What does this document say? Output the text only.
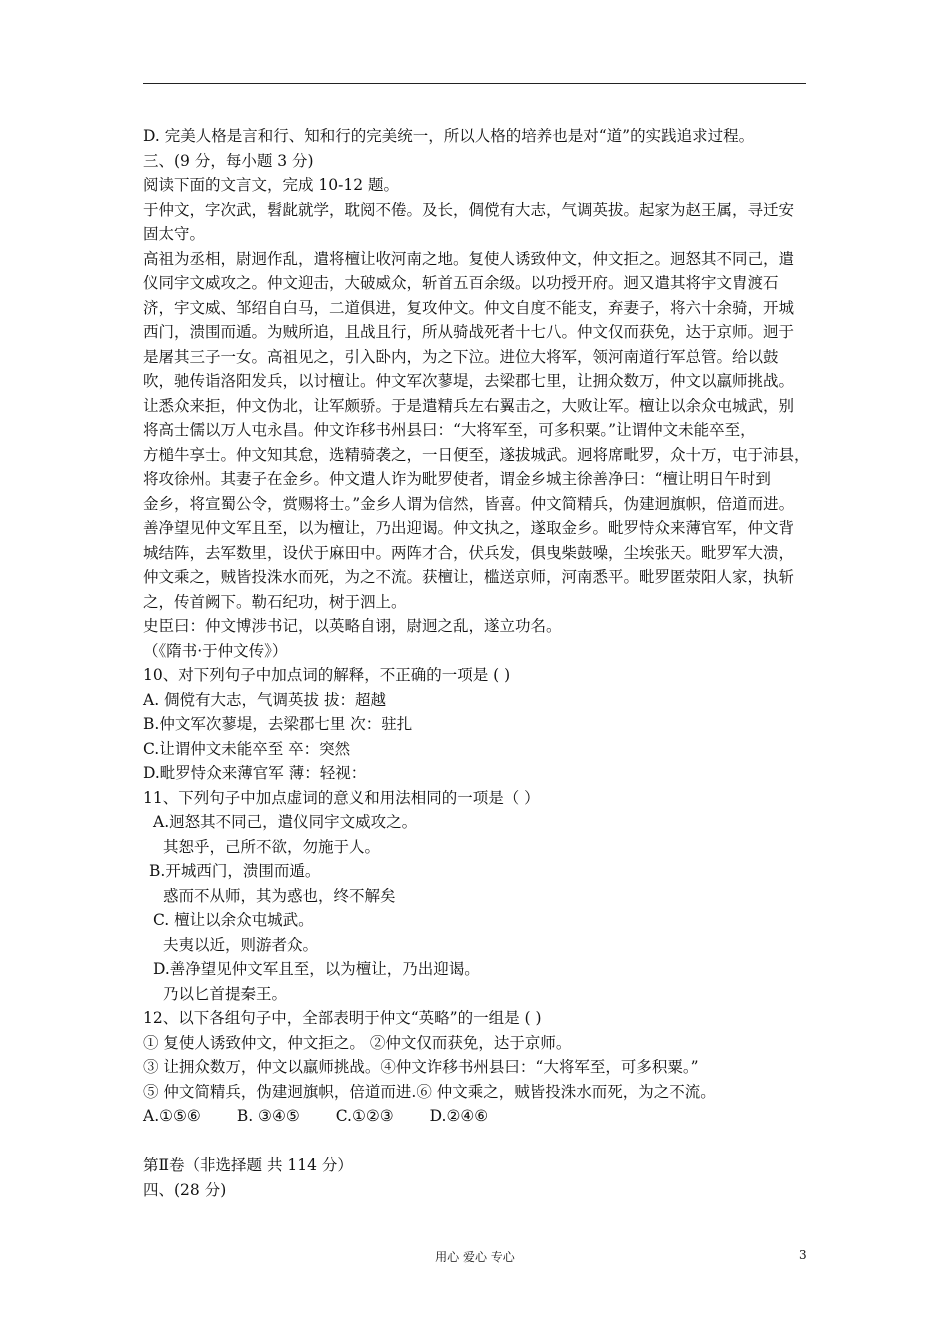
D. 完美人格是言和行、知和行的完美统一，所以人格的培养也是对“道”的实践追求过程。
三、(9 分，每小题 3 分)
阅读下面的文言文，完成 10-12 题。
于仲文，字次武，髫龀就学，耽阅不倦。及长，倜傥有大志，气调英拔。起家为赵王属，寻迁安
固太守。
高祖为丞相，尉迥作乱，遣将檀让收河南之地。复使人诱致仲文，仲文拒之。迥怒其不同己，遣
仪同宇文威攻之。仲文迎击，大破威众，斩首五百余级。以功授开府。迥又遣其将宇文胄渡石
济，宇文威、邹绍自白马，二道俱进，复攻仲文。仲文自度不能支，弃妻子，将六十余骑，开城
西门，溃围而遁。为贼所追，且战且行，所从骑战死者十七八。仲文仅而获免，达于京师。迥于
是屠其三子一女。高祖见之，引入卧内，为之下泣。进位大将军，领河南道行军总管。给以鼓
吹，驰传诣洛阳发兵，以讨檀让。仲文军次蓼堤，去梁郡七里，让拥众数万，仲文以羸师挑战。
让悉众来拒，仲文伪北，让军颇骄。于是遣精兵左右翼击之，大败让军。檀让以余众屯城武，别
将高士儒以万人屯永昌。仲文诈移书州县曰：“大将军至，可多积粟。”让谓仲文未能卒至，
方槌牛享士。仲文知其怠，选精骑袭之，一日便至，遂拔城武。迥将席毗罗，众十万，屯于沛县，
将攻徐州。其妻子在金乡。仲文遣人诈为毗罗使者，谓金乡城主徐善净曰：“檀让明日午时到
金乡，将宣蜀公令，赏赐将士。”金乡人谓为信然，皆喜。仲文简精兵，伪建迥旗帜，倍道而进。
善净望见仲文军且至，以为檀让，乃出迎谒。仲文执之，遂取金乡。毗罗恃众来薄官军，仲文背
城结阵，去军数里，设伏于麻田中。两阵才合，伏兵发，俱曳柴鼓噪，尘埃张天。毗罗军大溃，
仲文乘之，贼皆投洙水而死，为之不流。获檀让，槛送京师，河南悉平。毗罗匿荥阳人家，执斩
之，传首阙下。勒石纪功，树于泗上。
史臣曰：仲文博涉书记，以英略自诩，尉迥之乱，遂立功名。
（《隋书·于仲文传》）
10、对下列句子中加点词的解释，不正确的一项是 ( )
A. 倜傥有大志，气调英拔 拔：超越
B.仲文军次蓼堤，去梁郡七里 次：驻扎
C.让谓仲文未能卒至 卒：突然
D.毗罗恃众来薄官军 薄：轻视：
11、下列句子中加点虚词的意义和用法相同的一项是（ ）
A.迥怒其不同己，遣仪同宇文威攻之。
其恕乎，己所不欲，勿施于人。
B.开城西门，溃围而遁。
惑而不从师，其为惑也，终不解矣
C. 檀让以余众屯城武。
夫夷以近，则游者众。
D.善净望见仲文军且至，以为檀让，乃出迎谒。
乃以匕首提秦王。
12、以下各组句子中，全部表明于仲文“英略”的一组是 ( )
① 复使人诱致仲文，仲文拒之。 ②仲文仅而获免，达于京师。
③ 让拥众数万，仲文以羸师挑战。④仲文诈移书州县曰：“大将军至，可多积粟。”
⑤ 仲文简精兵，伪建迥旗帜，倍道而进.⑥ 仲文乘之，贼皆投洙水而死，为之不流。
A.①⑤⑥ B. ③④⑤ C.①②③ D.②④⑥
第Ⅱ卷（非选择题 共 114 分）
四、(28 分)
用心 爱心 专心	3
